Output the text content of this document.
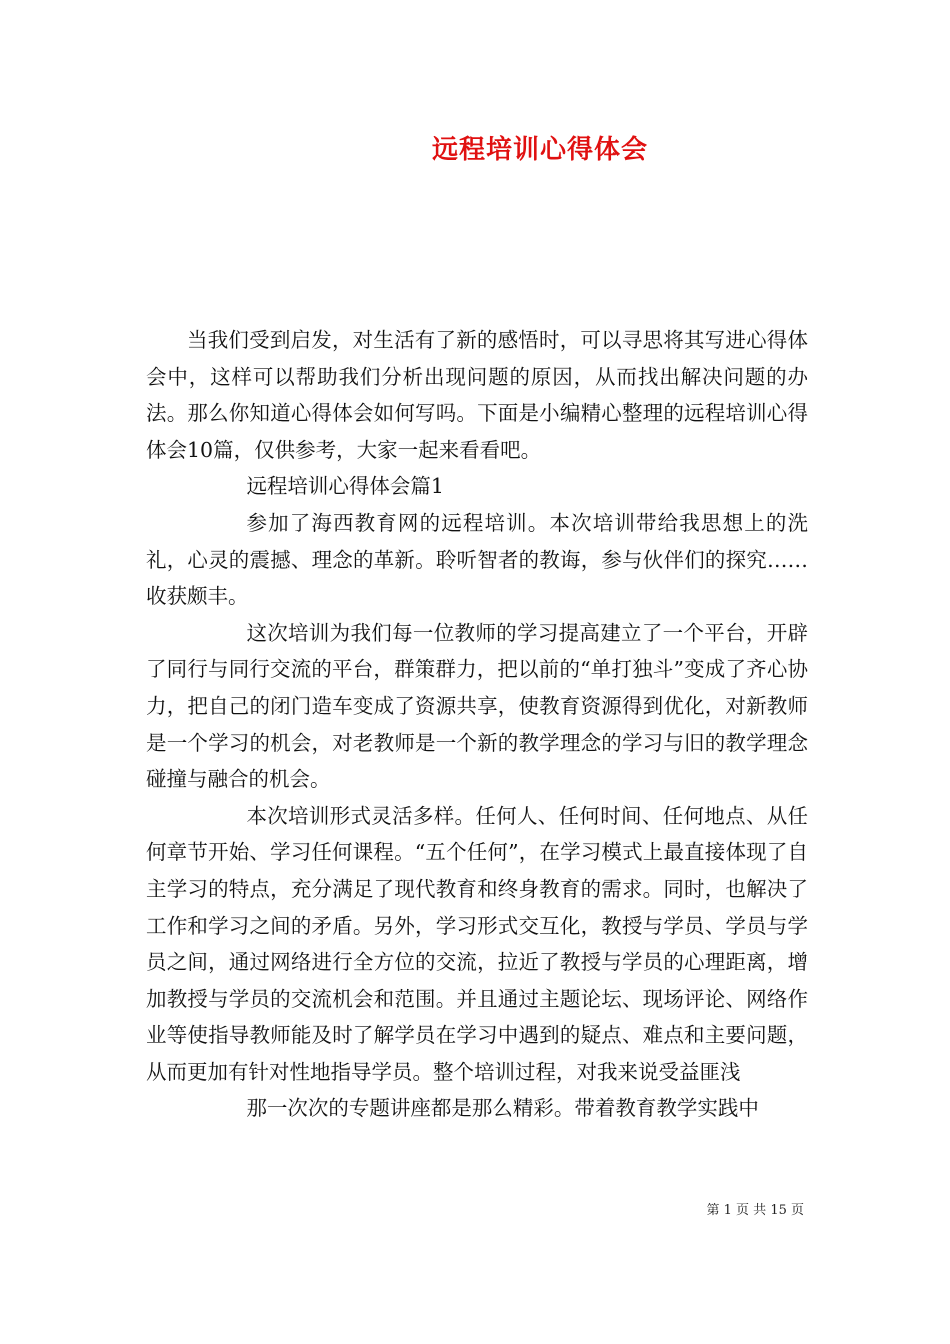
远程培训心得体会

当我们受到启发，对生活有了新的感悟时，可以寻思将其写进心得体会中，这样可以帮助我们分析出现问题的原因，从而找出解决问题的办法。那么你知道心得体会如何写吗。下面是小编精心整理的远程培训心得体会10篇，仅供参考，大家一起来看看吧。

远程培训心得体会篇1

参加了海西教育网的远程培训。本次培训带给我思想上的洗礼，心灵的震撼、理念的革新。聆听智者的教诲，参与伙伴们的探究……收获颇丰。

这次培训为我们每一位教师的学习提高建立了一个平台，开辟了同行与同行交流的平台，群策群力，把以前的“单打独斗”变成了齐心协力，把自己的闭门造车变成了资源共享，使教育资源得到优化，对新教师是一个学习的机会，对老教师是一个新的教学理念的学习与旧的教学理念碰撞与融合的机会。

本次培训形式灵活多样。任何人、任何时间、任何地点、从任何章节开始、学习任何课程。“五个任何”，在学习模式上最直接体现了自主学习的特点，充分满足了现代教育和终身教育的需求。同时，也解决了工作和学习之间的矛盾。另外，学习形式交互化，教授与学员、学员与学员之间，通过网络进行全方位的交流，拉近了教授与学员的心理距离，增加教授与学员的交流机会和范围。并且通过主题论坛、现场评论、网络作业等使指导教师能及时了解学员在学习中遇到的疑点、难点和主要问题，从而更加有针对性地指导学员。整个培训过程，对我来说受益匪浅

那一次次的专题讲座都是那么精彩。带着教育教学实践中

第 1 页 共 15 页
